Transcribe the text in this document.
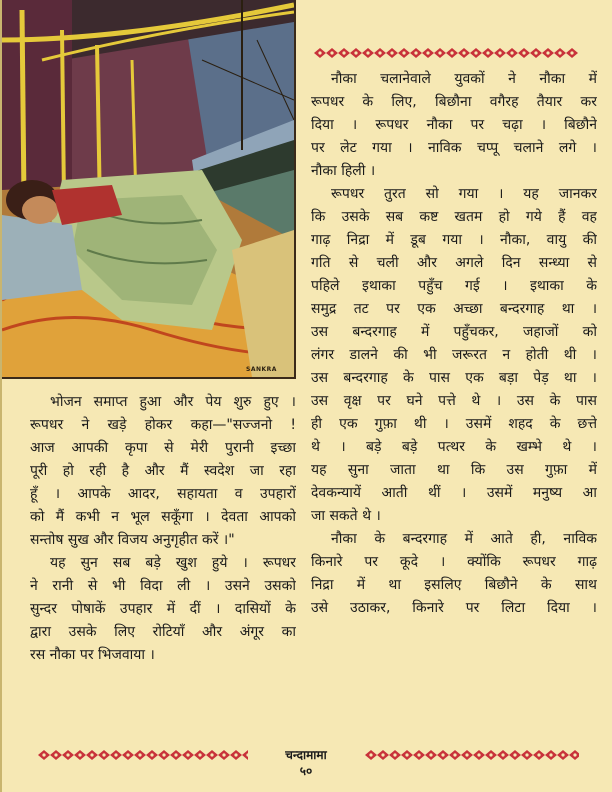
SANKRA
नौका चलानेवाले युवकों ने नौका में
रूपधर के लिए, बिछौना वगैरह तैयार कर
दिया । रूपधर नौका पर चढ़ा । बिछौने
पर लेट गया । नाविक चप्पू चलाने लगे ।
नौका हिली ।
रूपधर तुरत सो गया । यह जानकर
कि उसके सब कष्ट खतम हो गये हैं वह
गाढ़ निद्रा में डूब गया । नौका, वायु की
गति से चली और अगले दिन सन्ध्या से
पहिले इथाका पहुँच गई । इथाका के
समुद्र तट पर एक अच्छा बन्दरगाह था ।
उस बन्दरगाह में पहुँचकर, जहाजों को
लंगर डालने की भी जरूरत न होती थी ।
उस बन्दरगाह के पास एक बड़ा पेड़ था ।
उस वृक्ष पर घने पत्ते थे । उस के पास
ही एक गुफ़ा थी । उसमें शहद के छत्ते
थे । बड़े बड़े पत्थर के खम्भे थे ।
यह सुना जाता था कि उस गुफ़ा में
देवकन्यायें आती थीं । उसमें मनुष्य आ
जा सकते थे ।
नौका के बन्दरगाह में आते ही, नाविक
किनारे पर कूदे । क्योंकि रूपधर गाढ़
निद्रा में था इसलिए बिछौने के साथ
उसे उठाकर, किनारे पर लिटा दिया ।
भोजन समाप्त हुआ और पेय शुरु हुए ।
रूपधर ने खड़े होकर कहा—"सज्जनो !
आज आपकी कृपा से मेरी पुरानी इच्छा
पूरी हो रही है और मैं स्वदेश जा रहा
हूँ । आपके आदर, सहायता व उपहारों
को मैं कभी न भूल सकूँगा । देवता आपको
सन्तोष सुख और विजय अनुगृहीत करें ।"
यह सुन सब बड़े खुश हुये । रूपधर
ने रानी से भी विदा ली । उसने उसको
सुन्दर पोषाकें उपहार में दीं । दासियों के
द्वारा उसके लिए रोटियाँ और अंगूर का
रस नौका पर भिजवाया ।
चन्दामामा
५०
